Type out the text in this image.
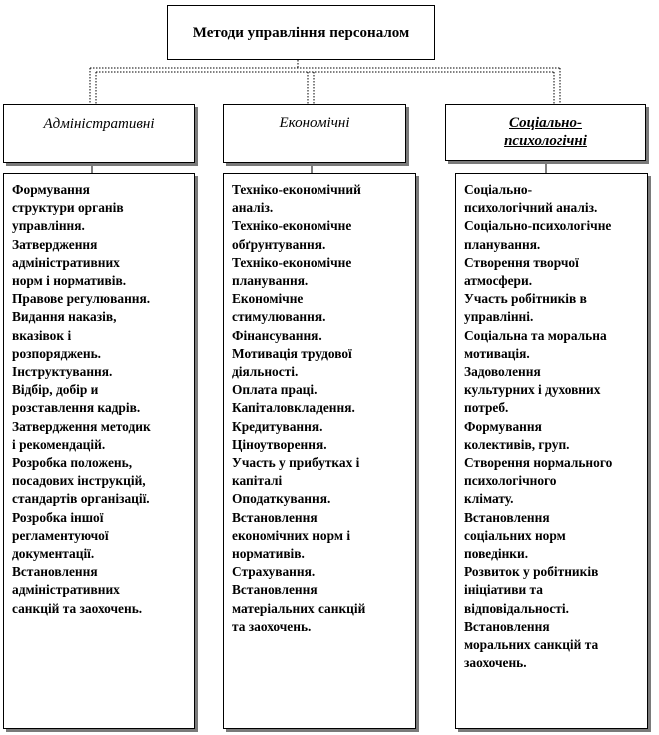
Методи управління персоналом
Адміністративні	Економічні	Соціально-психологічні
Формування
структури органів
управління.
Затвердження
адміністративних
норм і нормативів.
Правове регулювання.
Видання наказів,
вказівок і
розпоряджень.
Інструктування.
Відбір, добір и
розставлення кадрів.
Затвердження методик
і рекомендацій.
Розробка положень,
посадових інструкцій,
стандартів організації.
Розробка іншої
регламентуючої
документації.
Встановлення
адміністративних
санкцій та заохочень.
Техніко-економічний
аналіз.
Техніко-економічне
обґрунтування.
Техніко-економічне
планування.
Економічне
стимулювання.
Фінансування.
Мотивація трудової
діяльності.
Оплата праці.
Капіталовкладення.
Кредитування.
Ціноутворення.
Участь у прибутках і
капіталі
Оподаткування.
Встановлення
економічних норм і
нормативів.
Страхування.
Встановлення
матеріальних санкцій
та заохочень.
Соціально-
психологічний аналіз.
Соціально-психологічне
планування.
Створення творчої
атмосфери.
Участь робітників в
управлінні.
Соціальна та моральна
мотивація.
Задоволення
культурних і духовних
потреб.
Формування
колективів, груп.
Створення нормального
психологічного
клімату.
Встановлення
соціальних норм
поведінки.
Розвиток у робітників
ініціативи та
відповідальності.
Встановлення
моральних санкцій та
заохочень.
